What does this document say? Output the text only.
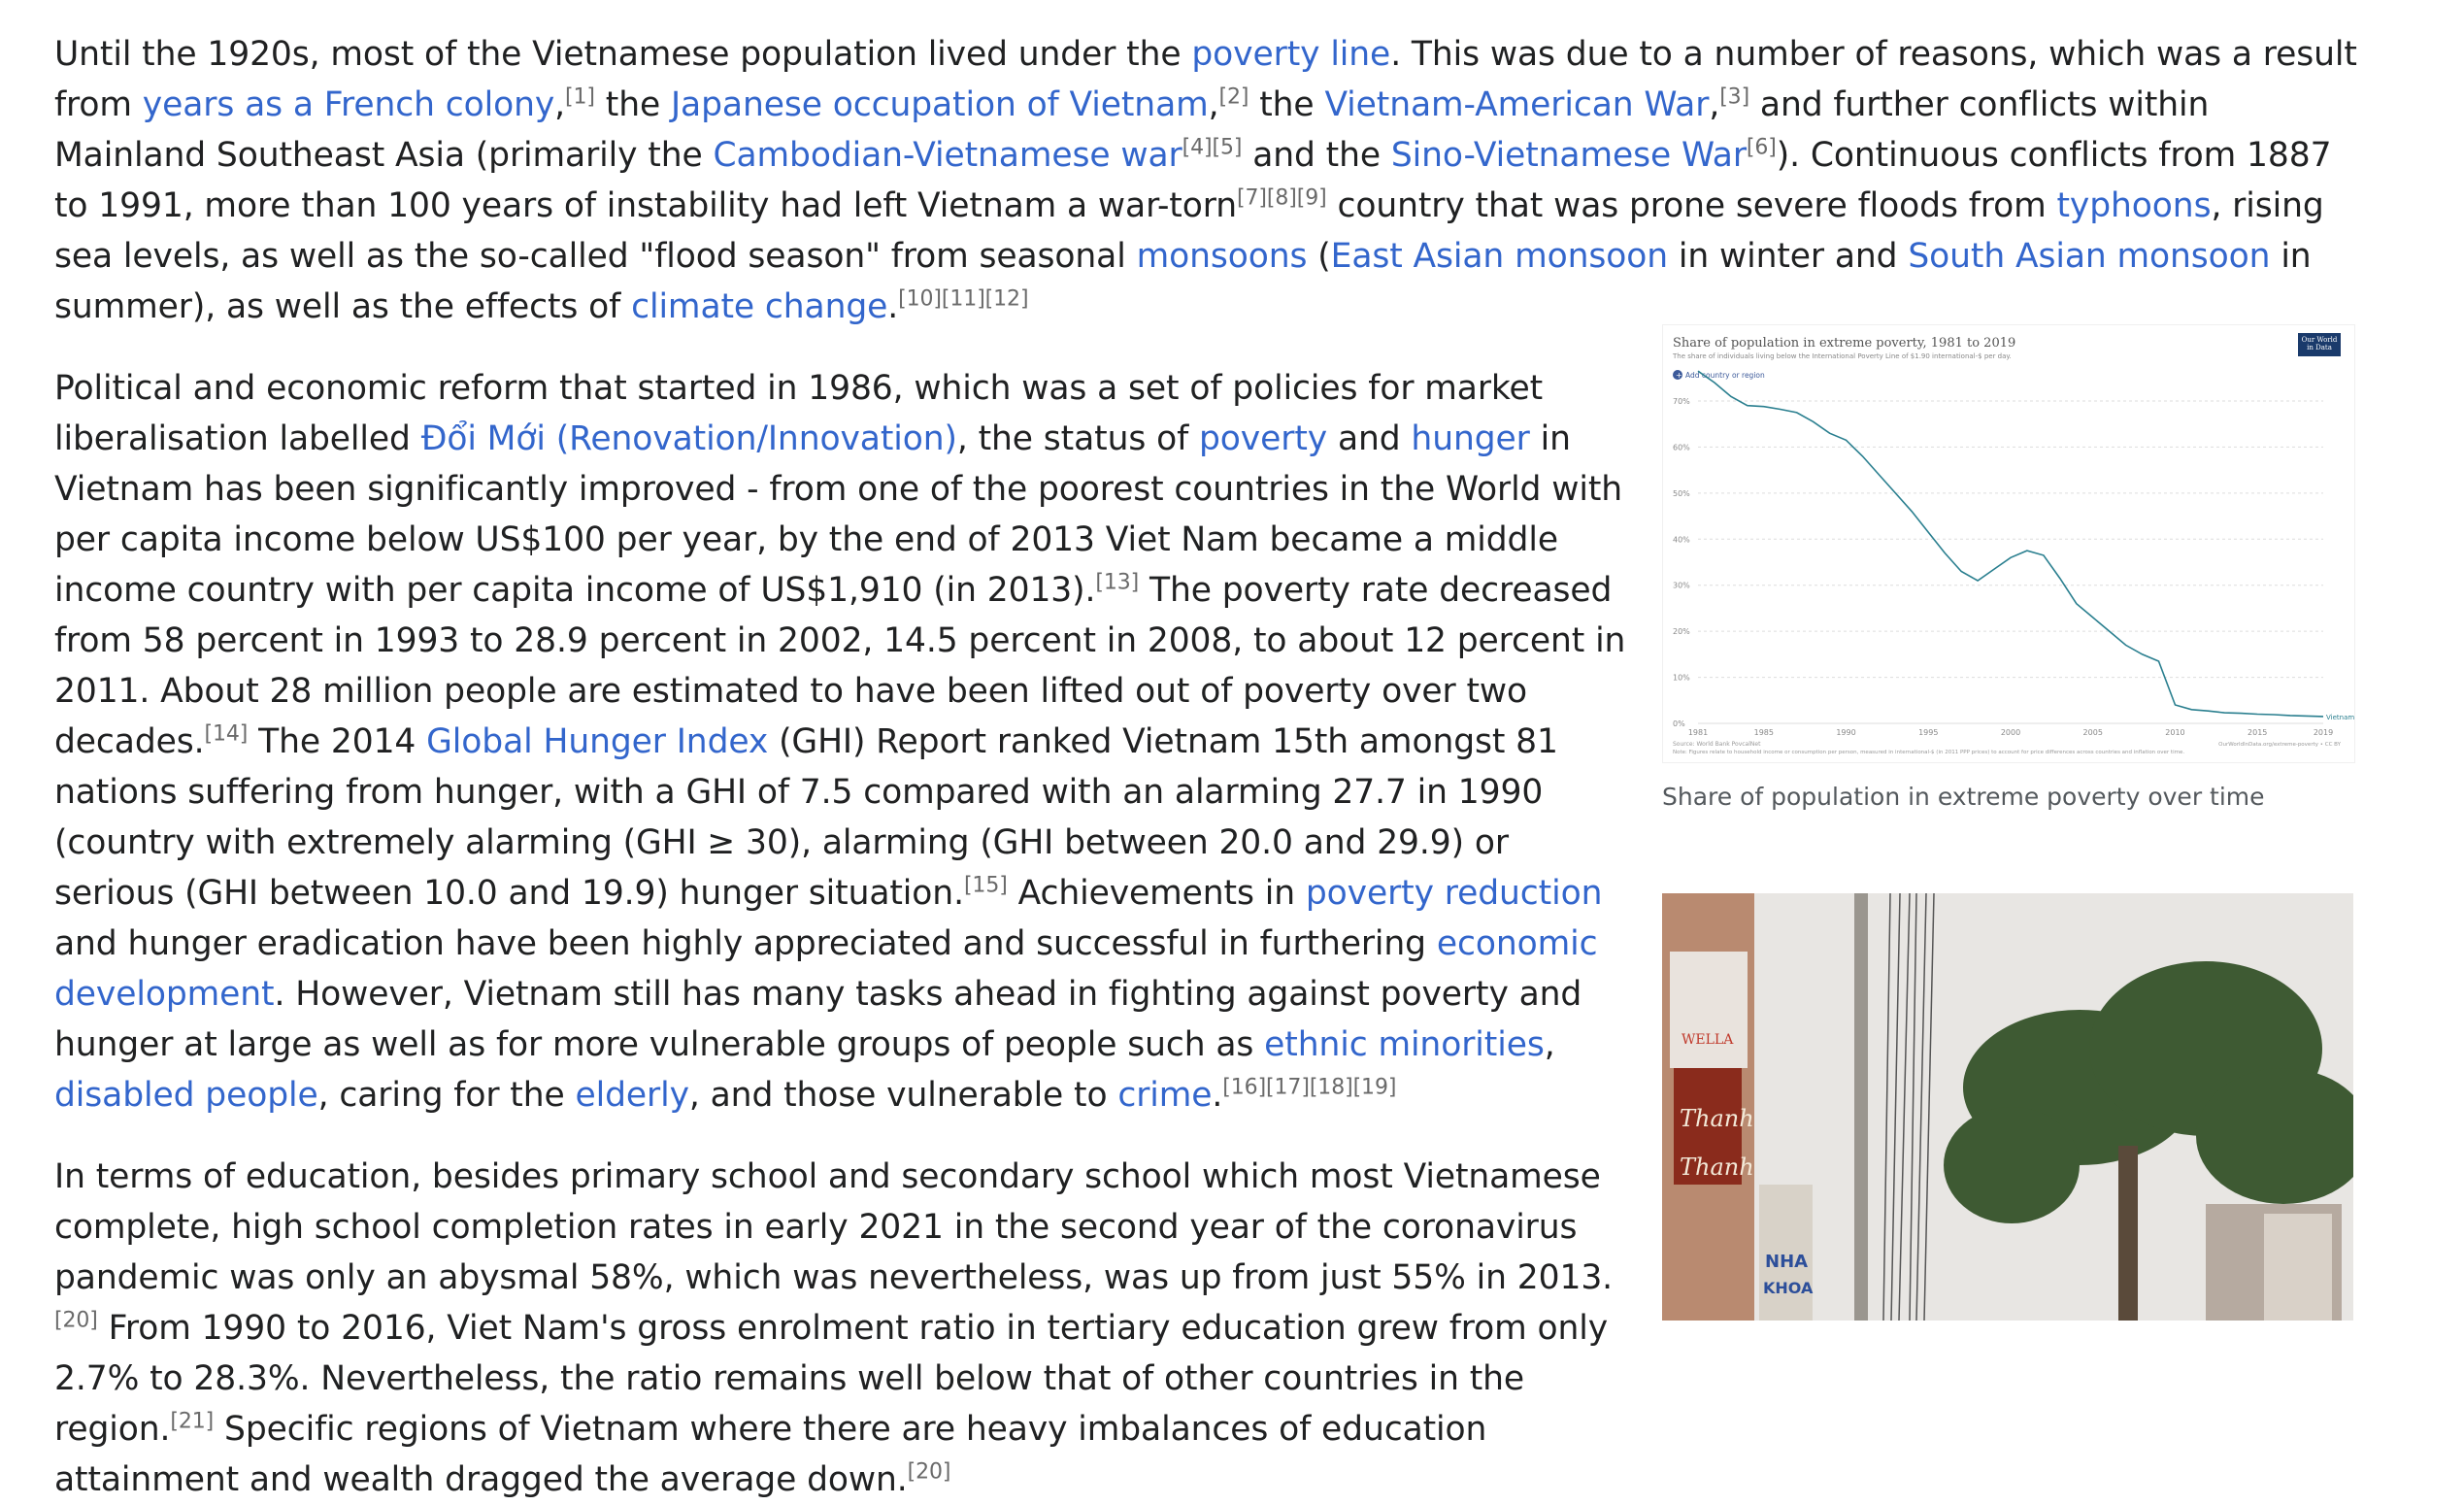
Until the 1920s, most of the Vietnamese population lived under the poverty line. This was due to a number of reasons, which was a result from years as a French colony,[1] the Japanese occupation of Vietnam,[2] the Vietnam-American War,[3] and further conflicts within Mainland Southeast Asia (primarily the Cambodian-Vietnamese war[4][5] and the Sino-Vietnamese War[6]). Continuous conflicts from 1887 to 1991, more than 100 years of instability had left Vietnam a war-torn[7][8][9] country that was prone severe floods from typhoons, rising sea levels, as well as the so-called "flood season" from seasonal monsoons (East Asian monsoon in winter and South Asian monsoon in summer), as well as the effects of climate change.[10][11][12]

Political and economic reform that started in 1986, which was a set of policies for market liberalisation labelled Đổi Mới (Renovation/Innovation), the status of poverty and hunger in Vietnam has been significantly improved - from one of the poorest countries in the World with per capita income below US$100 per year, by the end of 2013 Viet Nam became a middle income country with per capita income of US$1,910 (in 2013).[13] The poverty rate decreased from 58 percent in 1993 to 28.9 percent in 2002, 14.5 percent in 2008, to about 12 percent in 2011. About 28 million people are estimated to have been lifted out of poverty over two decades.[14] The 2014 Global Hunger Index (GHI) Report ranked Vietnam 15th amongst 81 nations suffering from hunger, with a GHI of 7.5 compared with an alarming 27.7 in 1990 (country with extremely alarming (GHI ≥ 30), alarming (GHI between 20.0 and 29.9) or serious (GHI between 10.0 and 19.9) hunger situation.[15] Achievements in poverty reduction and hunger eradication have been highly appreciated and successful in furthering economic development. However, Vietnam still has many tasks ahead in fighting against poverty and hunger at large as well as for more vulnerable groups of people such as ethnic minorities, disabled people, caring for the elderly, and those vulnerable to crime.[16][17][18][19]

In terms of education, besides primary school and secondary school which most Vietnamese complete, high school completion rates in early 2021 in the second year of the coronavirus pandemic was only an abysmal 58%, which was nevertheless, was up from just 55% in 2013.[20] From 1990 to 2016, Viet Nam's gross enrolment ratio in tertiary education grew from only 2.7% to 28.3%. Nevertheless, the ratio remains well below that of other countries in the region.[21] Specific regions of Vietnam where there are heavy imbalances of education attainment and wealth dragged the average down.[20]

Share of population in extreme poverty, 1981 to 2019
The share of individuals living below the International Poverty Line of $1.90 international-$ per day.
+ Add country or region
Our World in Data
0%
10%
20%
30%
40%
50%
60%
70%
1981	1985	1990	1995	2000	2005	2010	2015	2019
Vietnam
Source: World Bank PovcalNet
Note: Figures relate to household income or consumption per person, measured in international-$ (in 2011 PPP prices) to account for price differences across countries and inflation over time.
OurWorldInData.org/extreme-poverty • CC BY
Share of population in extreme poverty over time
WELLA
Thanh
Thanh
NHA
KHOA
